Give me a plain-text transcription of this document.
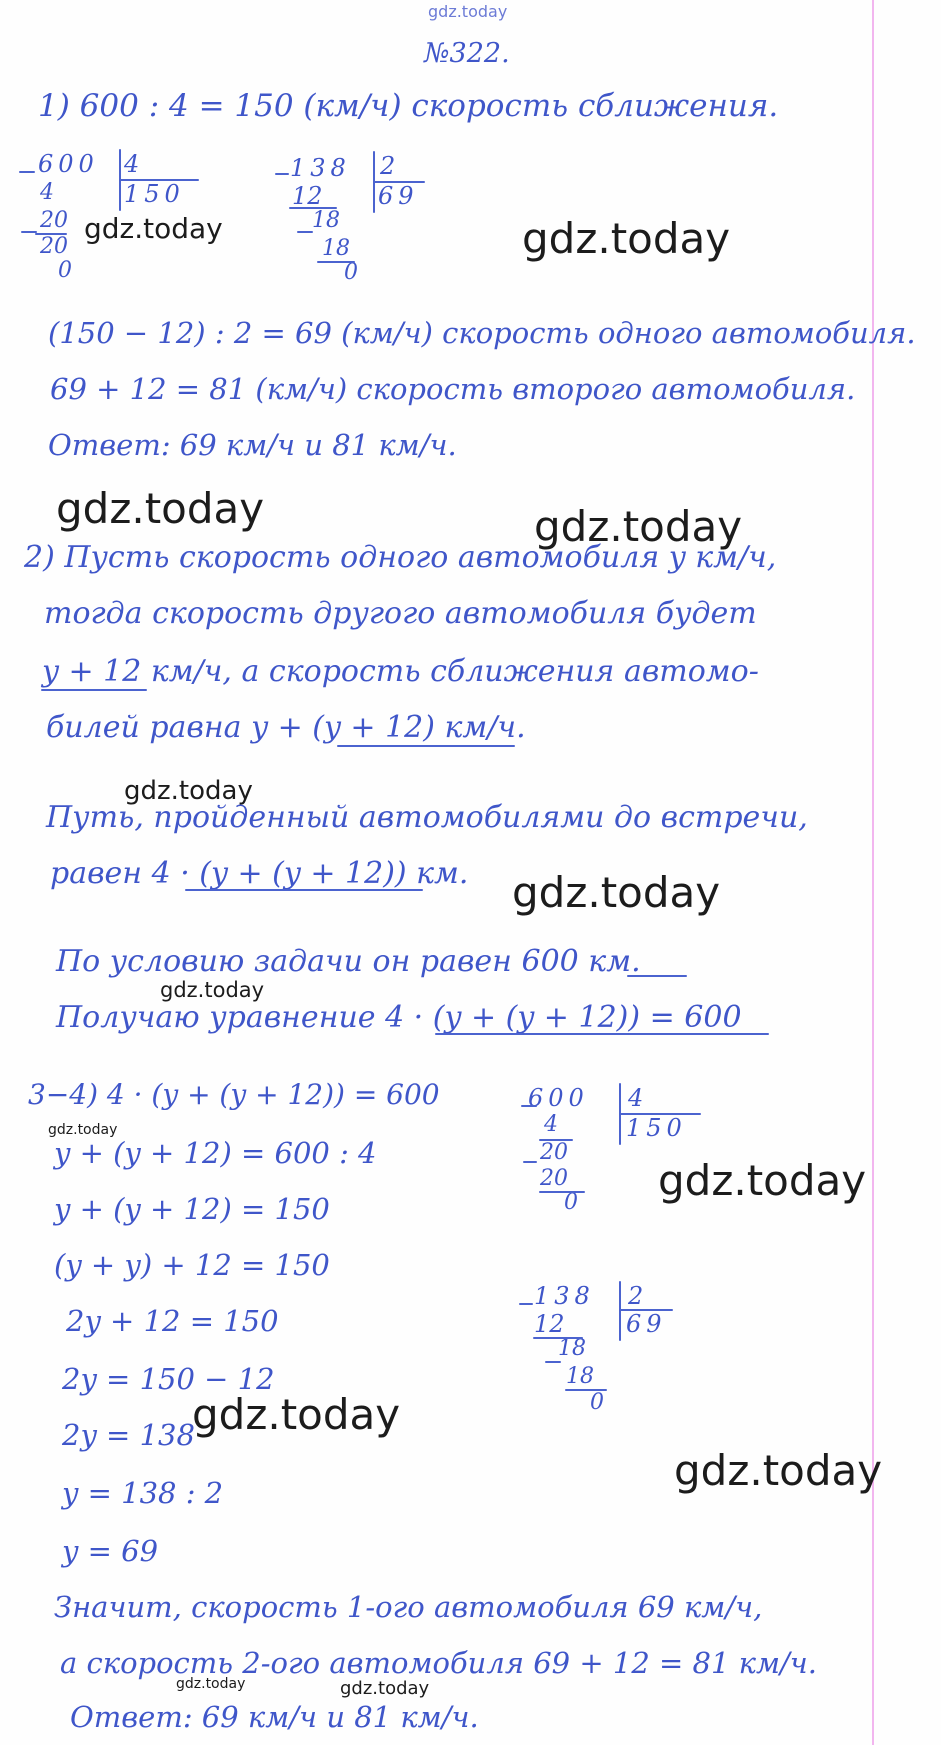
gdz.today
№322.
1) 600 : 4 = 150 (км/ч) скорость сближения.
600 4
150
4
20
20
0
138 2
69
12
18
18
0
(150 − 12) : 2 = 69 (км/ч) скорость одного автомобиля.
69 + 12 = 81 (км/ч) скорость второго автомобиля.
Ответ: 69 км/ч и 81 км/ч.
2) Пусть скорость одного автомобиля y км/ч,
тогда скорость другого автомобиля будет
y + 12 км/ч, а скорость сближения автомо-
билей равна y + (y + 12) км/ч.
Путь, пройденный автомобилями до встречи,
равен 4 · (y + (y + 12)) км.
По условию задачи он равен 600 км.
Получаю уравнение 4 · (y + (y + 12)) = 600
3−4) 4 · (y + (y + 12)) = 600
y + (y + 12) = 600 : 4
y + (y + 12) = 150
(y + y) + 12 = 150
2y + 12 = 150
2y = 150 − 12
2y = 138
y = 138 : 2
y = 69
600 4
150
4
20
20
0
138 2
69
12
18
18
0
Значит, скорость 1-ого автомобиля 69 км/ч,
а скорость 2-ого автомобиля 69 + 12 = 81 км/ч.
Ответ: 69 км/ч и 81 км/ч.
gdz.today	gdz.today
gdz.today	gdz.today
gdz.today
gdz.today
gdz.today
gdz.today
gdz.today
gdz.today
gdz.today
gdz.today	gdz.today
